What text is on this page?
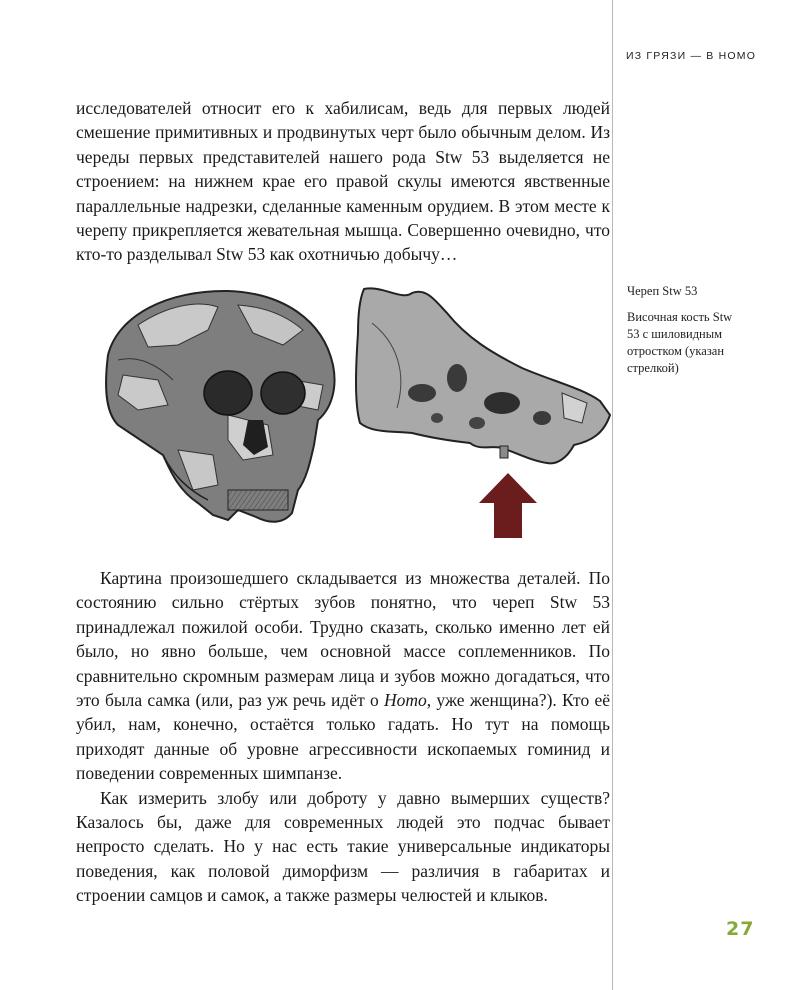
ИЗ ГРЯЗИ — В HOMO

исследователей относит его к хабилисам, ведь для первых людей смешение примитивных и продвинутых черт было обычным делом. Из череды первых представителей нашего рода Stw 53 выделяется не строением: на нижнем крае его правой скулы имеются явственные параллельные надрезки, сделанные каменным орудием. В этом месте к черепу прикрепляется жевательная мышца. Совершенно очевидно, что кто-то разделывал Stw 53 как охотничью добычу…

Череп Stw 53
Височная кость Stw 53 с шиловидным отростком (указан стрелкой)

Картина произошедшего складывается из множества деталей. По состоянию сильно стёртых зубов понятно, что череп Stw 53 принадлежал пожилой особи. Трудно сказать, сколько именно лет ей было, но явно больше, чем основной массе соплеменников. По сравнительно скромным размерам лица и зубов можно догадаться, что это была самка (или, раз уж речь идёт о Homo, уже женщина?). Кто её убил, нам, конечно, остаётся только гадать. Но тут на помощь приходят данные об уровне агрессивности ископаемых гоминид и поведении современных шимпанзе.

Как измерить злобу или доброту у давно вымерших существ? Казалось бы, даже для современных людей это подчас бывает непросто сделать. Но у нас есть такие универсальные индикаторы поведения, как половой диморфизм — различия в габаритах и строении самцов и самок, а также размеры челюстей и клыков.

27
